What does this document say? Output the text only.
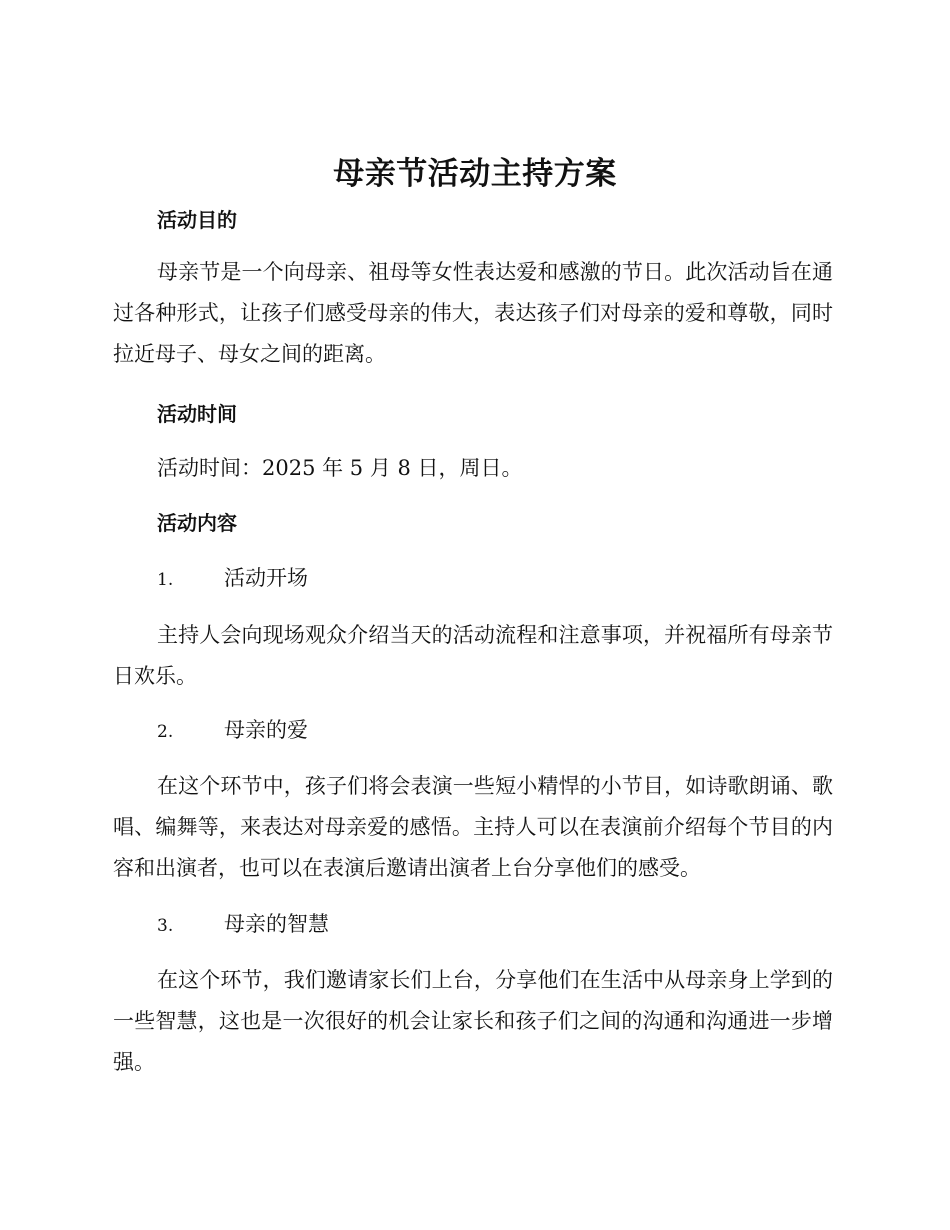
母亲节活动主持方案
活动目的

母亲节是一个向母亲、祖母等女性表达爱和感激的节日。此次活动旨在通过各种形式，让孩子们感受母亲的伟大，表达孩子们对母亲的爱和尊敬，同时拉近母子、母女之间的距离。

活动时间
活动时间：2025 年 5 月 8 日，周日。
活动内容
1. 活动开场

主持人会向现场观众介绍当天的活动流程和注意事项，并祝福所有母亲节日欢乐。

2. 母亲的爱

在这个环节中，孩子们将会表演一些短小精悍的小节目，如诗歌朗诵、歌唱、编舞等，来表达对母亲爱的感悟。主持人可以在表演前介绍每个节目的内容和出演者，也可以在表演后邀请出演者上台分享他们的感受。

3. 母亲的智慧

在这个环节，我们邀请家长们上台，分享他们在生活中从母亲身上学到的一些智慧，这也是一次很好的机会让家长和孩子们之间的沟通和沟通进一步增强。
